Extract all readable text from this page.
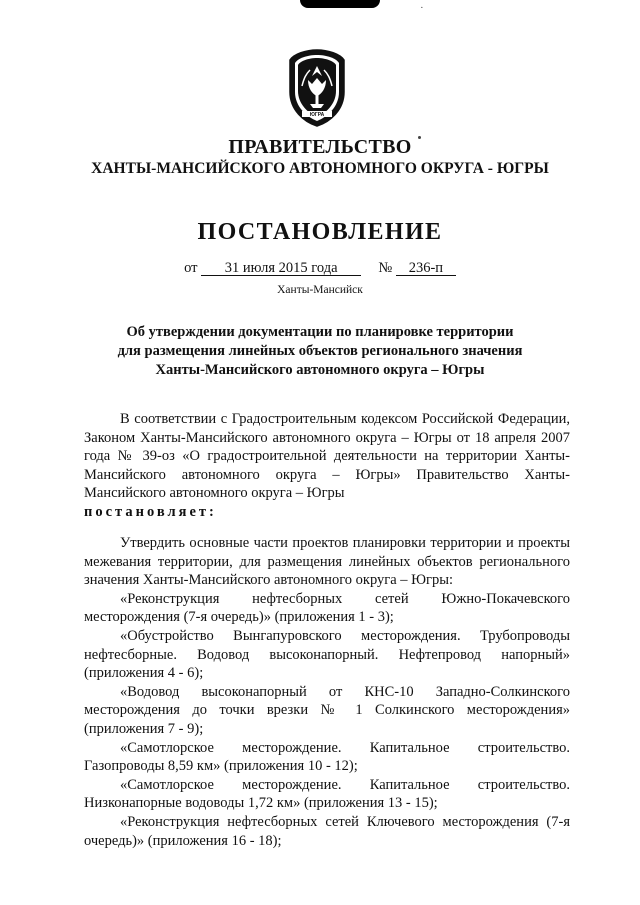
·
ЮГРА
ПРАВИТЕЛЬСТВО
ХАНТЫ-МАНСИЙСКОГО АВТОНОМНОГО ОКРУГА - ЮГРЫ
ПОСТАНОВЛЕНИЕ
от 31 июля 2015 года	№ 236-п
Ханты-Мансийск
Об утверждении документации по планировке территории
для размещения линейных объектов регионального значения
Ханты-Мансийского автономного округа – Югры

В соответствии с Градостроительным кодексом Российской Федерации, Законом Ханты-Мансийского автономного округа – Югры от 18 апреля 2007 года № 39-оз «О градостроительной деятельности на территории Ханты-Мансийского автономного округа – Югры» Правительство Ханты-Мансийского автономного округа – Югры

постановляет:

Утвердить основные части проектов планировки территории и проекты межевания территории, для размещения линейных объектов регионального значения Ханты-Мансийского автономного округа – Югры:

«Реконструкция нефтесборных сетей Южно-Покачевского месторождения (7-я очередь)» (приложения 1 - 3);

«Обустройство Вынгапуровского месторождения. Трубопроводы нефтесборные. Водовод высоконапорный. Нефтепровод напорный» (приложения 4 - 6);

«Водовод высоконапорный от КНС-10 Западно-Солкинского месторождения до точки врезки № 1 Солкинского месторождения» (приложения 7 - 9);

«Самотлорское месторождение. Капитальное строительство. Газопроводы 8,59 км» (приложения 10 - 12);

«Самотлорское месторождение. Капитальное строительство. Низконапорные водоводы 1,72 км» (приложения 13 - 15);

«Реконструкция нефтесборных сетей Ключевого месторождения (7-я очередь)» (приложения 16 - 18);
